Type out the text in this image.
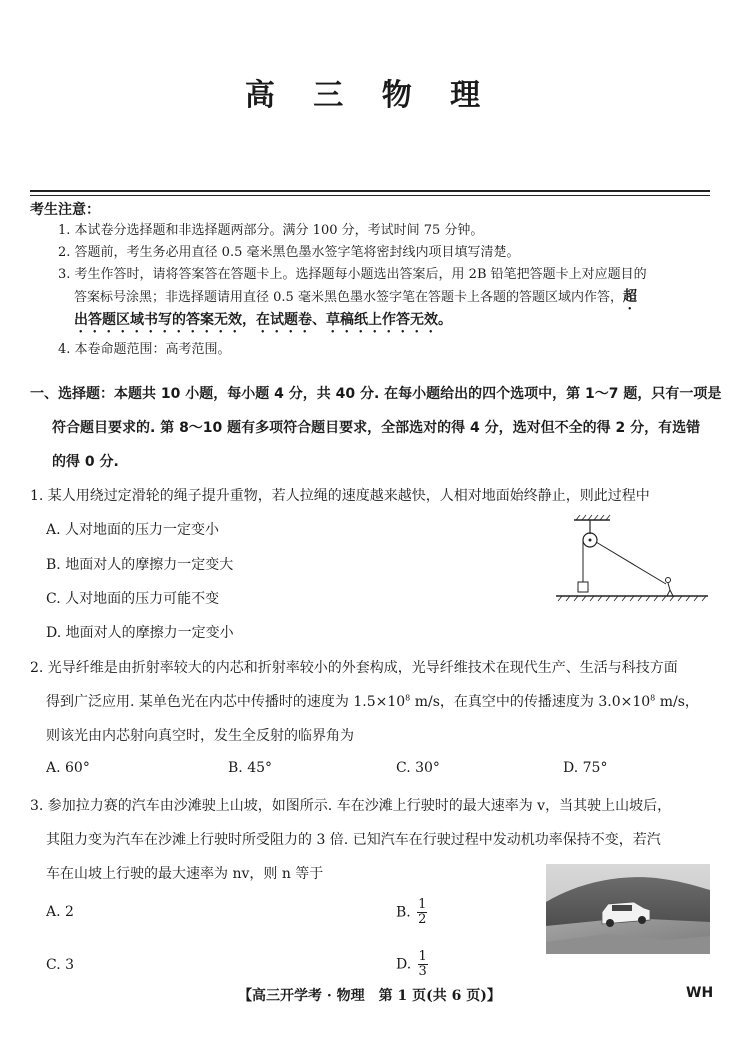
高 三 物 理
考生注意：
1. 本试卷分选择题和非选择题两部分。满分 100 分，考试时间 75 分钟。
2. 答题前，考生务必用直径 0.5 毫米黑色墨水签字笔将密封线内项目填写清楚。
3. 考生作答时，请将答案答在答题卡上。选择题每小题选出答案后，用 2B 铅笔把答题卡上对应题目的
答案标号涂黑；非选择题请用直径 0.5 毫米黑色墨水签字笔在答题卡上各题的答题区域内作答，超
出答题区域书写的答案无效，在试题卷、草稿纸上作答无效。
4. 本卷命题范围：高考范围。
一、选择题：本题共 10 小题，每小题 4 分，共 40 分. 在每小题给出的四个选项中，第 1～7 题，只有一项是
符合题目要求的. 第 8～10 题有多项符合题目要求，全部选对的得 4 分，选对但不全的得 2 分，有选错
的得 0 分.
1. 某人用绕过定滑轮的绳子提升重物，若人拉绳的速度越来越快，人相对地面始终静止，则此过程中
A. 人对地面的压力一定变小
B. 地面对人的摩擦力一定变大
C. 人对地面的压力可能不变
D. 地面对人的摩擦力一定变小
2. 光导纤维是由折射率较大的内芯和折射率较小的外套构成，光导纤维技术在现代生产、生活与科技方面
得到广泛应用. 某单色光在内芯中传播时的速度为 $1.5\times 10^8$ m/s，在真空中的传播速度为 $3.0\times 10^8$ m/s，
则该光由内芯射向真空时，发生全反射的临界角为
A. 60°	B. 45°	C. 30°	D. 75°
3. 参加拉力赛的汽车由沙滩驶上山坡，如图所示. 车在沙滩上行驶时的最大速率为 v，当其驶上山坡后，
其阻力变为汽车在沙滩上行驶时所受阻力的 3 倍. 已知汽车在行驶过程中发动机功率保持不变，若汽
车在山坡上行驶的最大速率为 nv，则 n 等于
A. 2	B. $\frac{1}{2}$
C. 3	D. $\frac{1}{3}$
【高三开学考 · 物理　第 1 页(共 6 页)】	WH
